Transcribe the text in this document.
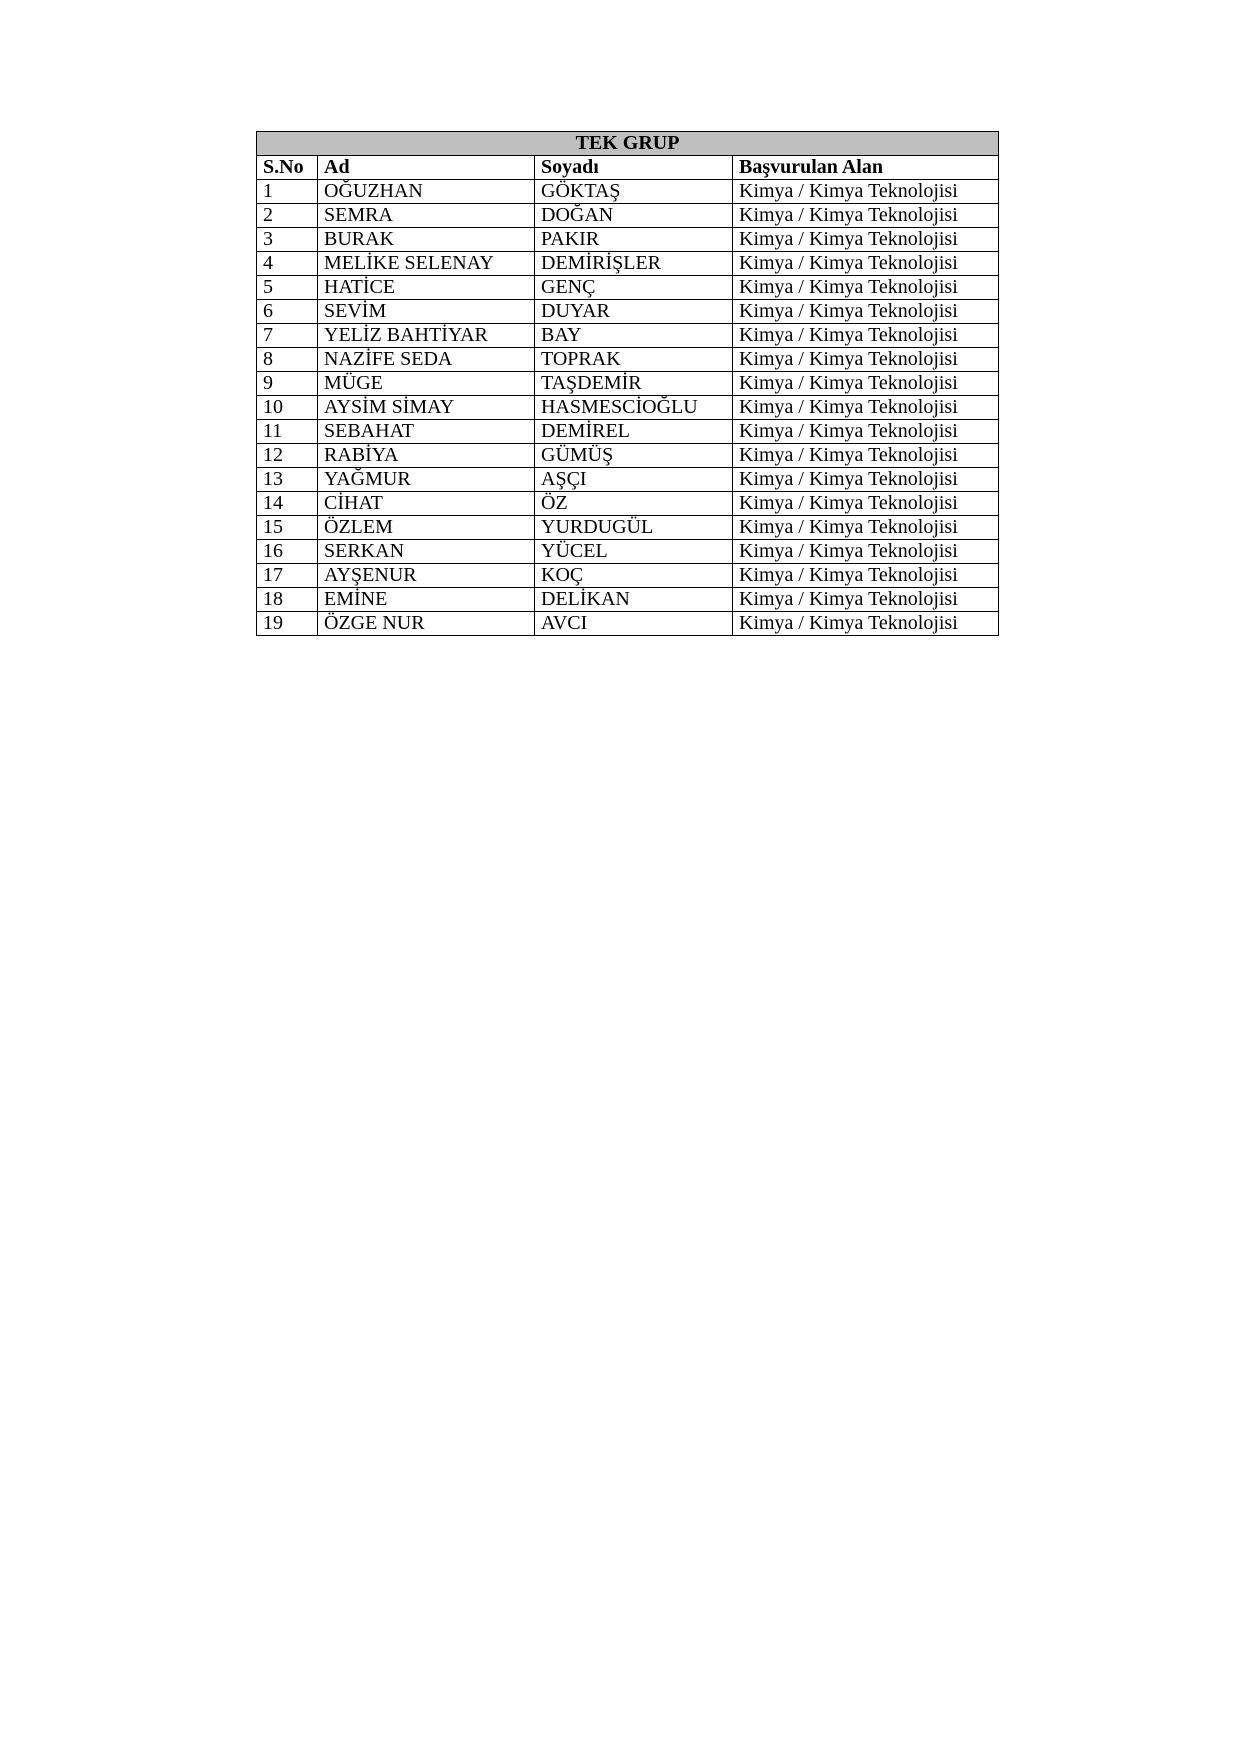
TEK GRUP			
S.No	Ad	Soyadı	Başvurulan Alan
1	OĞUZHAN	GÖKTAŞ	Kimya / Kimya Teknolojisi
2	SEMRA	DOĞAN	Kimya / Kimya Teknolojisi
3	BURAK	PAKIR	Kimya / Kimya Teknolojisi
4	MELİKE SELENAY	DEMİRİŞLER	Kimya / Kimya Teknolojisi
5	HATİCE	GENÇ	Kimya / Kimya Teknolojisi
6	SEVİM	DUYAR	Kimya / Kimya Teknolojisi
7	YELİZ BAHTİYAR	BAY	Kimya / Kimya Teknolojisi
8	NAZİFE SEDA	TOPRAK	Kimya / Kimya Teknolojisi
9	MÜGE	TAŞDEMİR	Kimya / Kimya Teknolojisi
10	AYSİM SİMAY	HASMESCİOĞLU	Kimya / Kimya Teknolojisi
11	SEBAHAT	DEMİREL	Kimya / Kimya Teknolojisi
12	RABİYA	GÜMÜŞ	Kimya / Kimya Teknolojisi
13	YAĞMUR	AŞÇI	Kimya / Kimya Teknolojisi
14	CİHAT	ÖZ	Kimya / Kimya Teknolojisi
15	ÖZLEM	YURDUGÜL	Kimya / Kimya Teknolojisi
16	SERKAN	YÜCEL	Kimya / Kimya Teknolojisi
17	AYŞENUR	KOÇ	Kimya / Kimya Teknolojisi
18	EMİNE	DELİKAN	Kimya / Kimya Teknolojisi
19	ÖZGE NUR	AVCI	Kimya / Kimya Teknolojisi
